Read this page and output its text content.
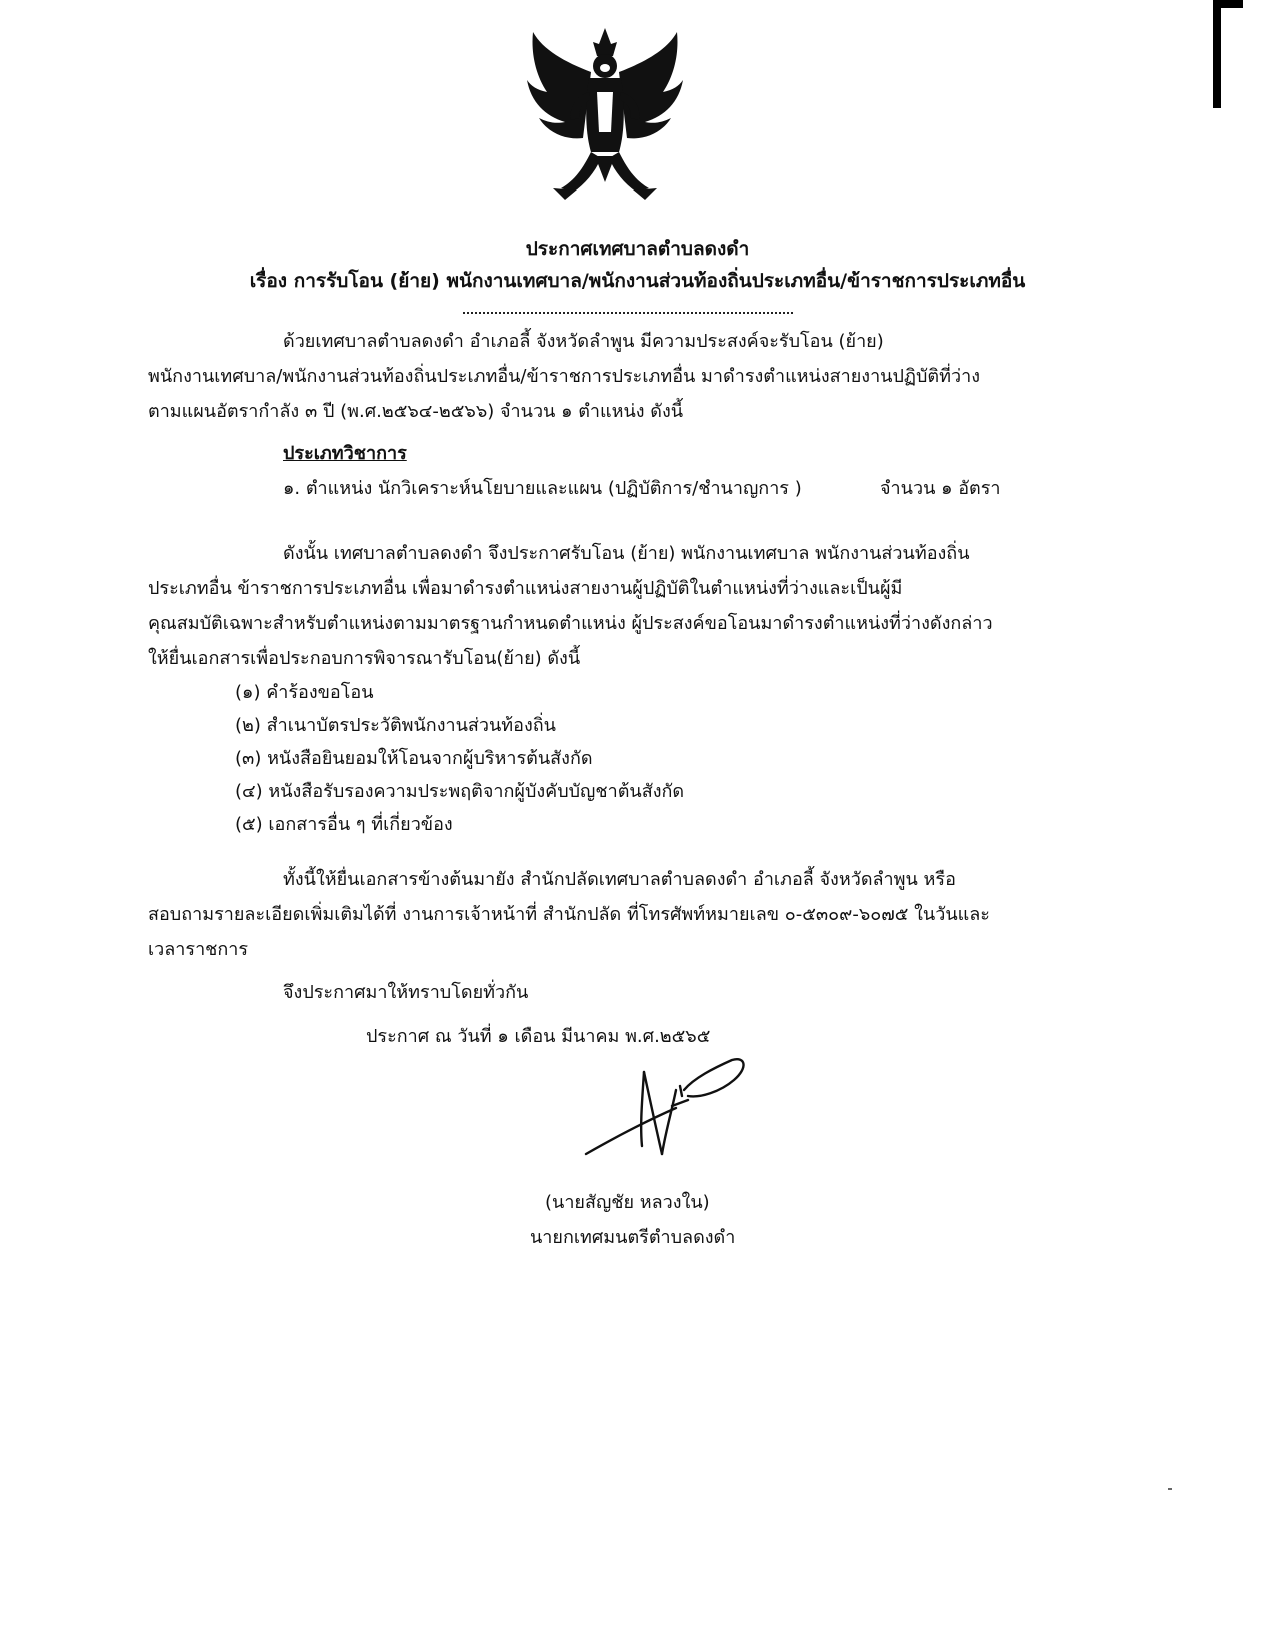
ประกาศเทศบาลตำบลดงดำ
เรื่อง การรับโอน (ย้าย) พนักงานเทศบาล/พนักงานส่วนท้องถิ่นประเภทอื่น/ข้าราชการประเภทอื่น
ด้วยเทศบาลตำบลดงดำ อำเภอลี้ จังหวัดลำพูน มีความประสงค์จะรับโอน (ย้าย)
พนักงานเทศบาล/พนักงานส่วนท้องถิ่นประเภทอื่น/ข้าราชการประเภทอื่น มาดำรงตำแหน่งสายงานปฏิบัติที่ว่าง
ตามแผนอัตรากำลัง ๓ ปี (พ.ศ.๒๕๖๔-๒๕๖๖) จำนวน ๑ ตำแหน่ง ดังนี้
ประเภทวิชาการ
๑. ตำแหน่ง นักวิเคราะห์นโยบายและแผน (ปฏิบัติการ/ชำนาญการ )	จำนวน ๑ อัตรา
ดังนั้น เทศบาลตำบลดงดำ จึงประกาศรับโอน (ย้าย) พนักงานเทศบาล พนักงานส่วนท้องถิ่น
ประเภทอื่น ข้าราชการประเภทอื่น เพื่อมาดำรงตำแหน่งสายงานผู้ปฏิบัติในตำแหน่งที่ว่างและเป็นผู้มี
คุณสมบัติเฉพาะสำหรับตำแหน่งตามมาตรฐานกำหนดตำแหน่ง ผู้ประสงค์ขอโอนมาดำรงตำแหน่งที่ว่างดังกล่าว
ให้ยื่นเอกสารเพื่อประกอบการพิจารณารับโอน(ย้าย) ดังนี้
(๑) คำร้องขอโอน
(๒) สำเนาบัตรประวัติพนักงานส่วนท้องถิ่น
(๓) หนังสือยินยอมให้โอนจากผู้บริหารต้นสังกัด
(๔) หนังสือรับรองความประพฤติจากผู้บังคับบัญชาต้นสังกัด
(๕) เอกสารอื่น ๆ ที่เกี่ยวข้อง
ทั้งนี้ให้ยื่นเอกสารข้างต้นมายัง สำนักปลัดเทศบาลตำบลดงดำ อำเภอลี้ จังหวัดลำพูน หรือ
สอบถามรายละเอียดเพิ่มเติมได้ที่ งานการเจ้าหน้าที่ สำนักปลัด ที่โทรศัพท์หมายเลข ๐-๕๓๐๙-๖๐๗๕ ในวันและ
เวลาราชการ
จึงประกาศมาให้ทราบโดยทั่วกัน
ประกาศ ณ วันที่ ๑ เดือน มีนาคม พ.ศ.๒๕๖๕
(นายสัญชัย หลวงใน)
นายกเทศมนตรีตำบลดงดำ
